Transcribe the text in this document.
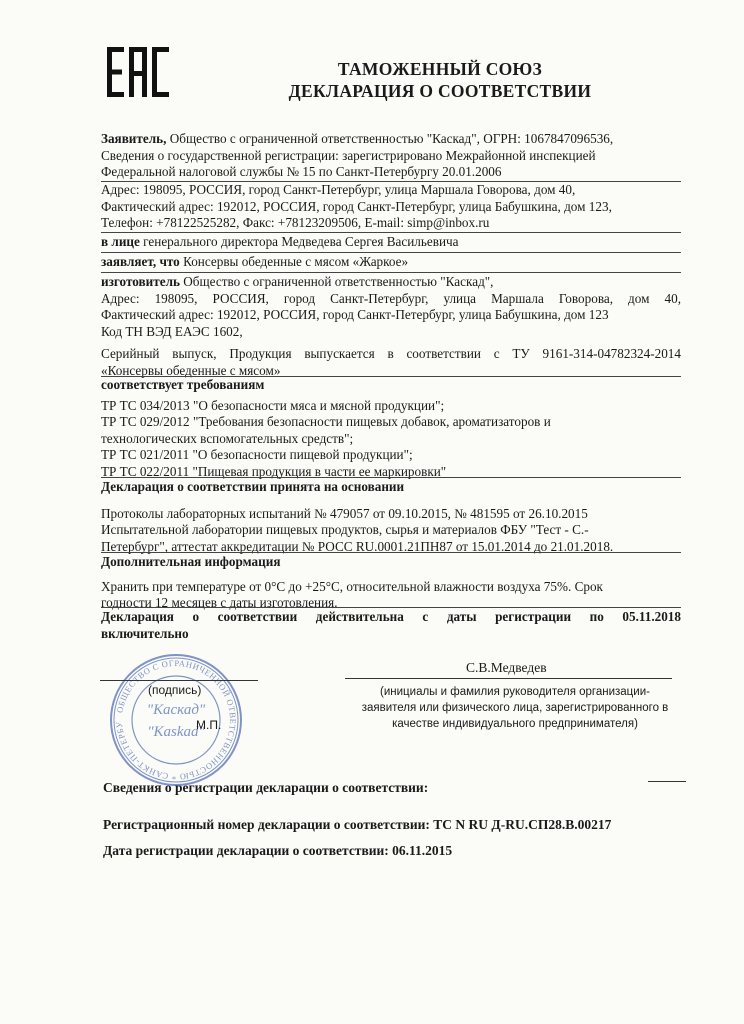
ТАМОЖЕННЫЙ СОЮЗ
ДЕКЛАРАЦИЯ О СООТВЕТСТВИИ
Заявитель, Общество с ограниченной ответственностью "Каскад", ОГРН: 1067847096536,
Сведения о государственной регистрации: зарегистрировано Межрайонной инспекцией
Федеральной налоговой службы № 15 по Санкт-Петербургу 20.01.2006
Адрес: 198095, РОССИЯ, город Санкт-Петербург, улица Маршала Говорова, дом 40,
Фактический адрес: 192012, РОССИЯ, город Санкт-Петербург, улица Бабушкина, дом 123,
Телефон: +78122525282, Факс: +78123209506, E-mail: simp@inbox.ru
в лице генерального директора Медведева Сергея Васильевича
заявляет, что Консервы обеденные с мясом «Жаркое»
изготовитель Общество с ограниченной ответственностью "Каскад",
Адрес: 198095, РОССИЯ, город Санкт-Петербург, улица Маршала Говорова, дом 40,
Фактический адрес: 192012, РОССИЯ, город Санкт-Петербург, улица Бабушкина, дом 123
Код ТН ВЭД ЕАЭС 1602,
Серийный выпуск, Продукция выпускается в соответствии с ТУ 9161-314-04782324-2014
«Консервы обеденные с мясом»
соответствует требованиям
ТР ТС 034/2013 "О безопасности мяса и мясной продукции";
ТР ТС 029/2012 "Требования безопасности пищевых добавок, ароматизаторов и
технологических вспомогательных средств";
ТР ТС 021/2011 "О безопасности пищевой продукции";
ТР ТС 022/2011 "Пищевая продукция в части ее маркировки"
Декларация о соответствии принята на основании
Протоколы лабораторных испытаний № 479057 от 09.10.2015, № 481595 от 26.10.2015
Испытательной лаборатории пищевых продуктов, сырья и материалов ФБУ "Тест - С.-
Петербург", аттестат аккредитации № РОСС RU.0001.21ПН87 от 15.01.2014 до 21.01.2018.
Дополнительная информация
Хранить при температуре от 0°С до +25°С, относительной влажности воздуха 75%. Срок
годности 12 месяцев с даты изготовления.
Декларация о соответствии действительна с даты регистрации по 05.11.2018
включительно
ОБЩЕСТВО С ОГРАНИЧЕННОЙ ОТВЕТСТВЕННОСТЬЮ * САНКТ-ПЕТЕРБУ
"Каскад"
"Kaskad"
(подпись)
М.П.
С.В.Медведев
(инициалы и фамилия руководителя организации-
заявителя или физического лица, зарегистрированного в
качестве индивидуального предпринимателя)
Сведения о регистрации декларации о соответствии:
Регистрационный номер декларации о соответствии: ТС N RU Д-RU.СП28.В.00217
Дата регистрации декларации о соответствии: 06.11.2015
